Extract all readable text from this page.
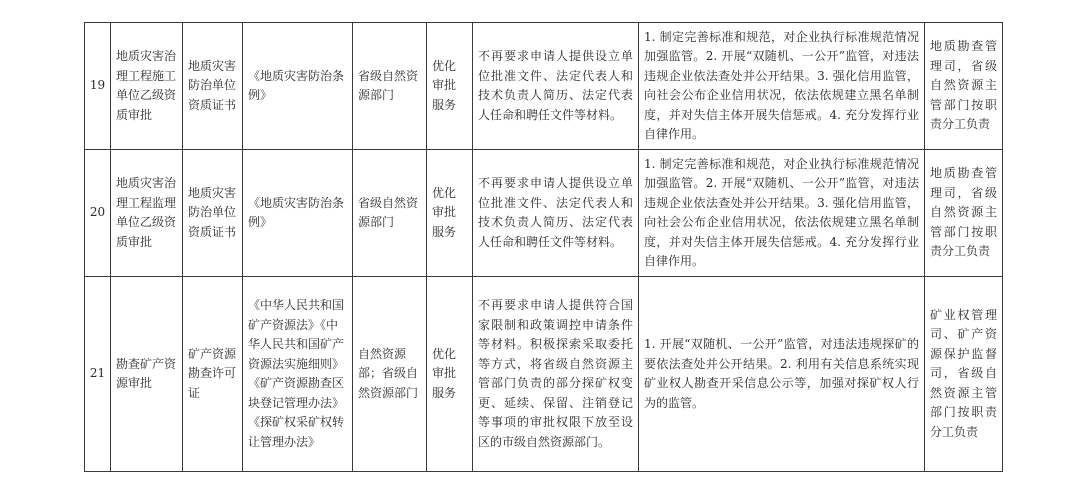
19	地质灾害治理工程施工单位乙级资质审批	地质灾害防治单位资质证书	《地质灾害防治条例》	省级自然资源部门	优化审批服务	不再要求申请人提供设立单位批准文件、法定代表人和技术负责人简历、法定代表人任命和聘任文件等材料。	1. 制定完善标准和规范，对企业执行标准规范情况加强监管。2. 开展“双随机、一公开”监管，对违法违规企业依法查处并公开结果。3. 强化信用监管，向社会公布企业信用状况，依法依规建立黑名单制度，并对失信主体开展失信惩戒。4. 充分发挥行业自律作用。	地质勘查管理司，省级自然资源主管部门按职责分工负责
20	地质灾害治理工程监理单位乙级资质审批	地质灾害防治单位资质证书	《地质灾害防治条例》	省级自然资源部门	优化审批服务	不再要求申请人提供设立单位批准文件、法定代表人和技术负责人简历、法定代表人任命和聘任文件等材料。	1. 制定完善标准和规范，对企业执行标准规范情况加强监管。2. 开展“双随机、一公开”监管，对违法违规企业依法查处并公开结果。3. 强化信用监管，向社会公布企业信用状况，依法依规建立黑名单制度，并对失信主体开展失信惩戒。4. 充分发挥行业自律作用。	地质勘查管理司，省级自然资源主管部门按职责分工负责
21	勘查矿产资源审批	矿产资源勘查许可证	《中华人民共和国矿产资源法》《中华人民共和国矿产资源法实施细则》《矿产资源勘查区块登记管理办法》《探矿权采矿权转让管理办法》	自然资源部；省级自然资源部门	优化审批服务	不再要求申请人提供符合国家限制和政策调控申请条件等材料。积极探索采取委托等方式，将省级自然资源主管部门负责的部分探矿权变更、延续、保留、注销登记等事项的审批权限下放至设区的市级自然资源部门。	1. 开展“双随机、一公开”监管，对违法违规探矿的要依法查处并公开结果。2. 利用有关信息系统实现矿业权人勘查开采信息公示等，加强对探矿权人行为的监管。	矿业权管理司、矿产资源保护监督司，省级自然资源主管部门按职责分工负责
